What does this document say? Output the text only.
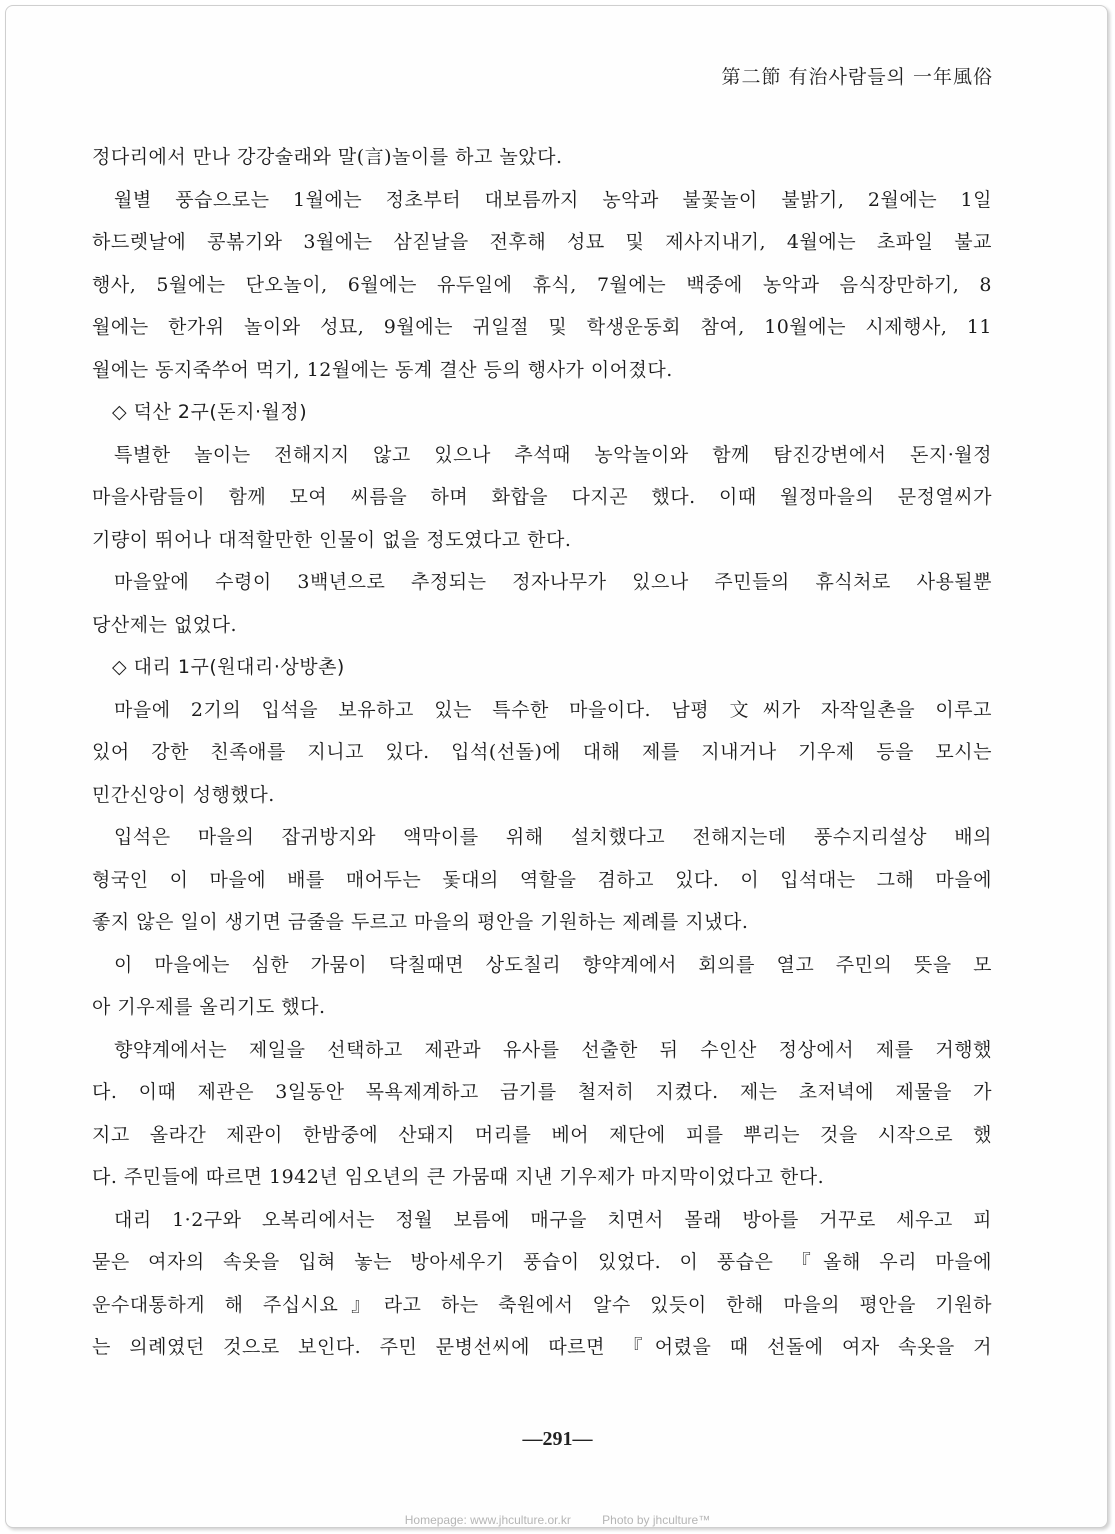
第二節 有治사람들의 一年風俗
정다리에서 만나 강강술래와 말(言)놀이를 하고 놀았다.
월별 풍습으로는 1월에는 정초부터 대보름까지 농악과 불꽃놀이 불밝기, 2월에는 1일
하드렛날에 콩볶기와 3월에는 삼짇날을 전후해 성묘 및 제사지내기, 4월에는 초파일 불교
행사, 5월에는 단오놀이, 6월에는 유두일에 휴식, 7월에는 백중에 농악과 음식장만하기, 8
월에는 한가위 놀이와 성묘, 9월에는 귀일절 및 학생운동회 참여, 10월에는 시제행사, 11
월에는 동지죽쑤어 먹기, 12월에는 동계 결산 등의 행사가 이어졌다.
◇ 덕산 2구(돈지·월정)
특별한 놀이는 전해지지 않고 있으나 추석때 농악놀이와 함께 탐진강변에서 돈지·월정
마을사람들이 함께 모여 씨름을 하며 화합을 다지곤 했다. 이때 월정마을의 문정열씨가
기량이 뛰어나 대적할만한 인물이 없을 정도였다고 한다.
마을앞에 수령이 3백년으로 추정되는 정자나무가 있으나 주민들의 휴식처로 사용될뿐
당산제는 없었다.
◇ 대리 1구(원대리·상방촌)
마을에 2기의 입석을 보유하고 있는 특수한 마을이다. 남평 文씨가 자작일촌을 이루고
있어 강한 친족애를 지니고 있다. 입석(선돌)에 대해 제를 지내거나 기우제 등을 모시는
민간신앙이 성행했다.
입석은 마을의 잡귀방지와 액막이를 위해 설치했다고 전해지는데 풍수지리설상 배의
형국인 이 마을에 배를 매어두는 돛대의 역할을 겸하고 있다. 이 입석대는 그해 마을에
좋지 않은 일이 생기면 금줄을 두르고 마을의 평안을 기원하는 제례를 지냈다.
이 마을에는 심한 가뭄이 닥칠때면 상도칠리 향약계에서 회의를 열고 주민의 뜻을 모
아 기우제를 올리기도 했다.
향약계에서는 제일을 선택하고 제관과 유사를 선출한 뒤 수인산 정상에서 제를 거행했
다. 이때 제관은 3일동안 목욕제계하고 금기를 철저히 지켰다. 제는 초저녁에 제물을 가
지고 올라간 제관이 한밤중에 산돼지 머리를 베어 제단에 피를 뿌리는 것을 시작으로 했
다. 주민들에 따르면 1942년 임오년의 큰 가뭄때 지낸 기우제가 마지막이었다고 한다.
대리 1·2구와 오복리에서는 정월 보름에 매구을 치면서 몰래 방아를 거꾸로 세우고 피
묻은 여자의 속옷을 입혀 놓는 방아세우기 풍습이 있었다. 이 풍습은 『올해 우리 마을에
운수대통하게 해 주십시요』라고 하는 축원에서 알수 있듯이 한해 마을의 평안을 기원하
는 의례였던 것으로 보인다. 주민 문병선씨에 따르면 『어렸을 때 선돌에 여자 속옷을 거
—291—
Homepage: www.jhculture.or.kr	Photo by jhculture™
